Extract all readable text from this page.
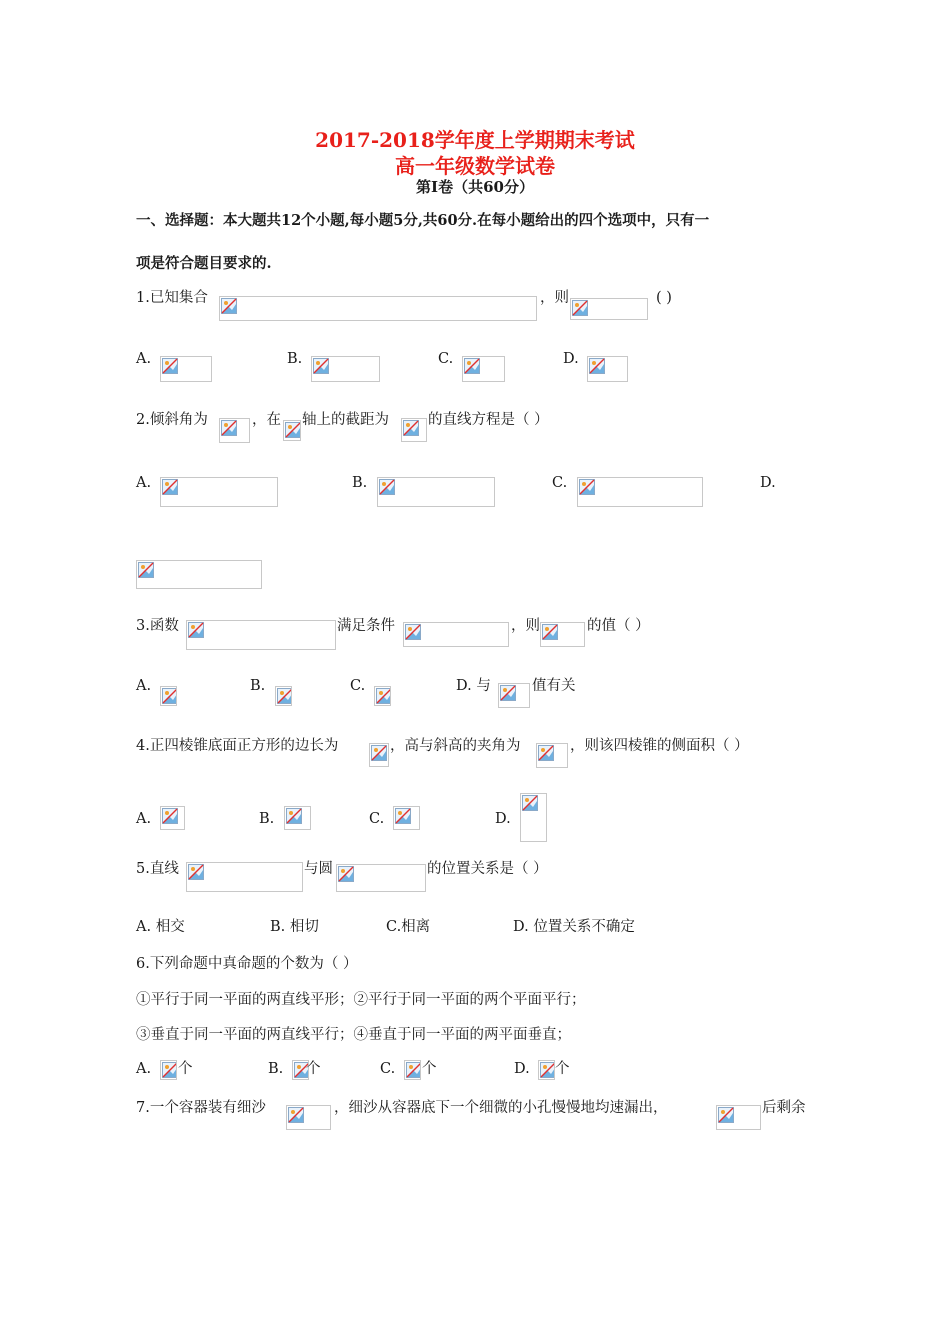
2017-2018学年度上学期期末考试
高一年级数学试卷
第Ⅰ卷（共60分）
一、选择题：本大题共12个小题,每小题5分,共60分.在每小题给出的四个选项中，只有一
项是符合题目要求的.
1.已知集合	，则	( )
A.	B.	C.	D.
2.倾斜角为	，在 轴上的截距为	的直线方程是（ ）
A.	B.	C.	D.
3.函数	满足条件	，则	的值（ ）
A.	B.	C.	D. 与	值有关
4.正四棱锥底面正方形的边长为	，高与斜高的夹角为	，则该四棱锥的侧面积（ ）
A.	B.	C.	D.
5.直线	与圆	的位置关系是（ ）
A. 相交	B. 相切	C.相离	D. 位置关系不确定
6.下列命题中真命题的个数为（ ）
①平行于同一平面的两直线平形；②平行于同一平面的两个平面平行；
③垂直于同一平面的两直线平行；④垂直于同一平面的两平面垂直；
A. 个	B. 个	C. 个	D. 个
7.一个容器装有细沙	，细沙从容器底下一个细微的小孔慢慢地均速漏出，	后剩余
